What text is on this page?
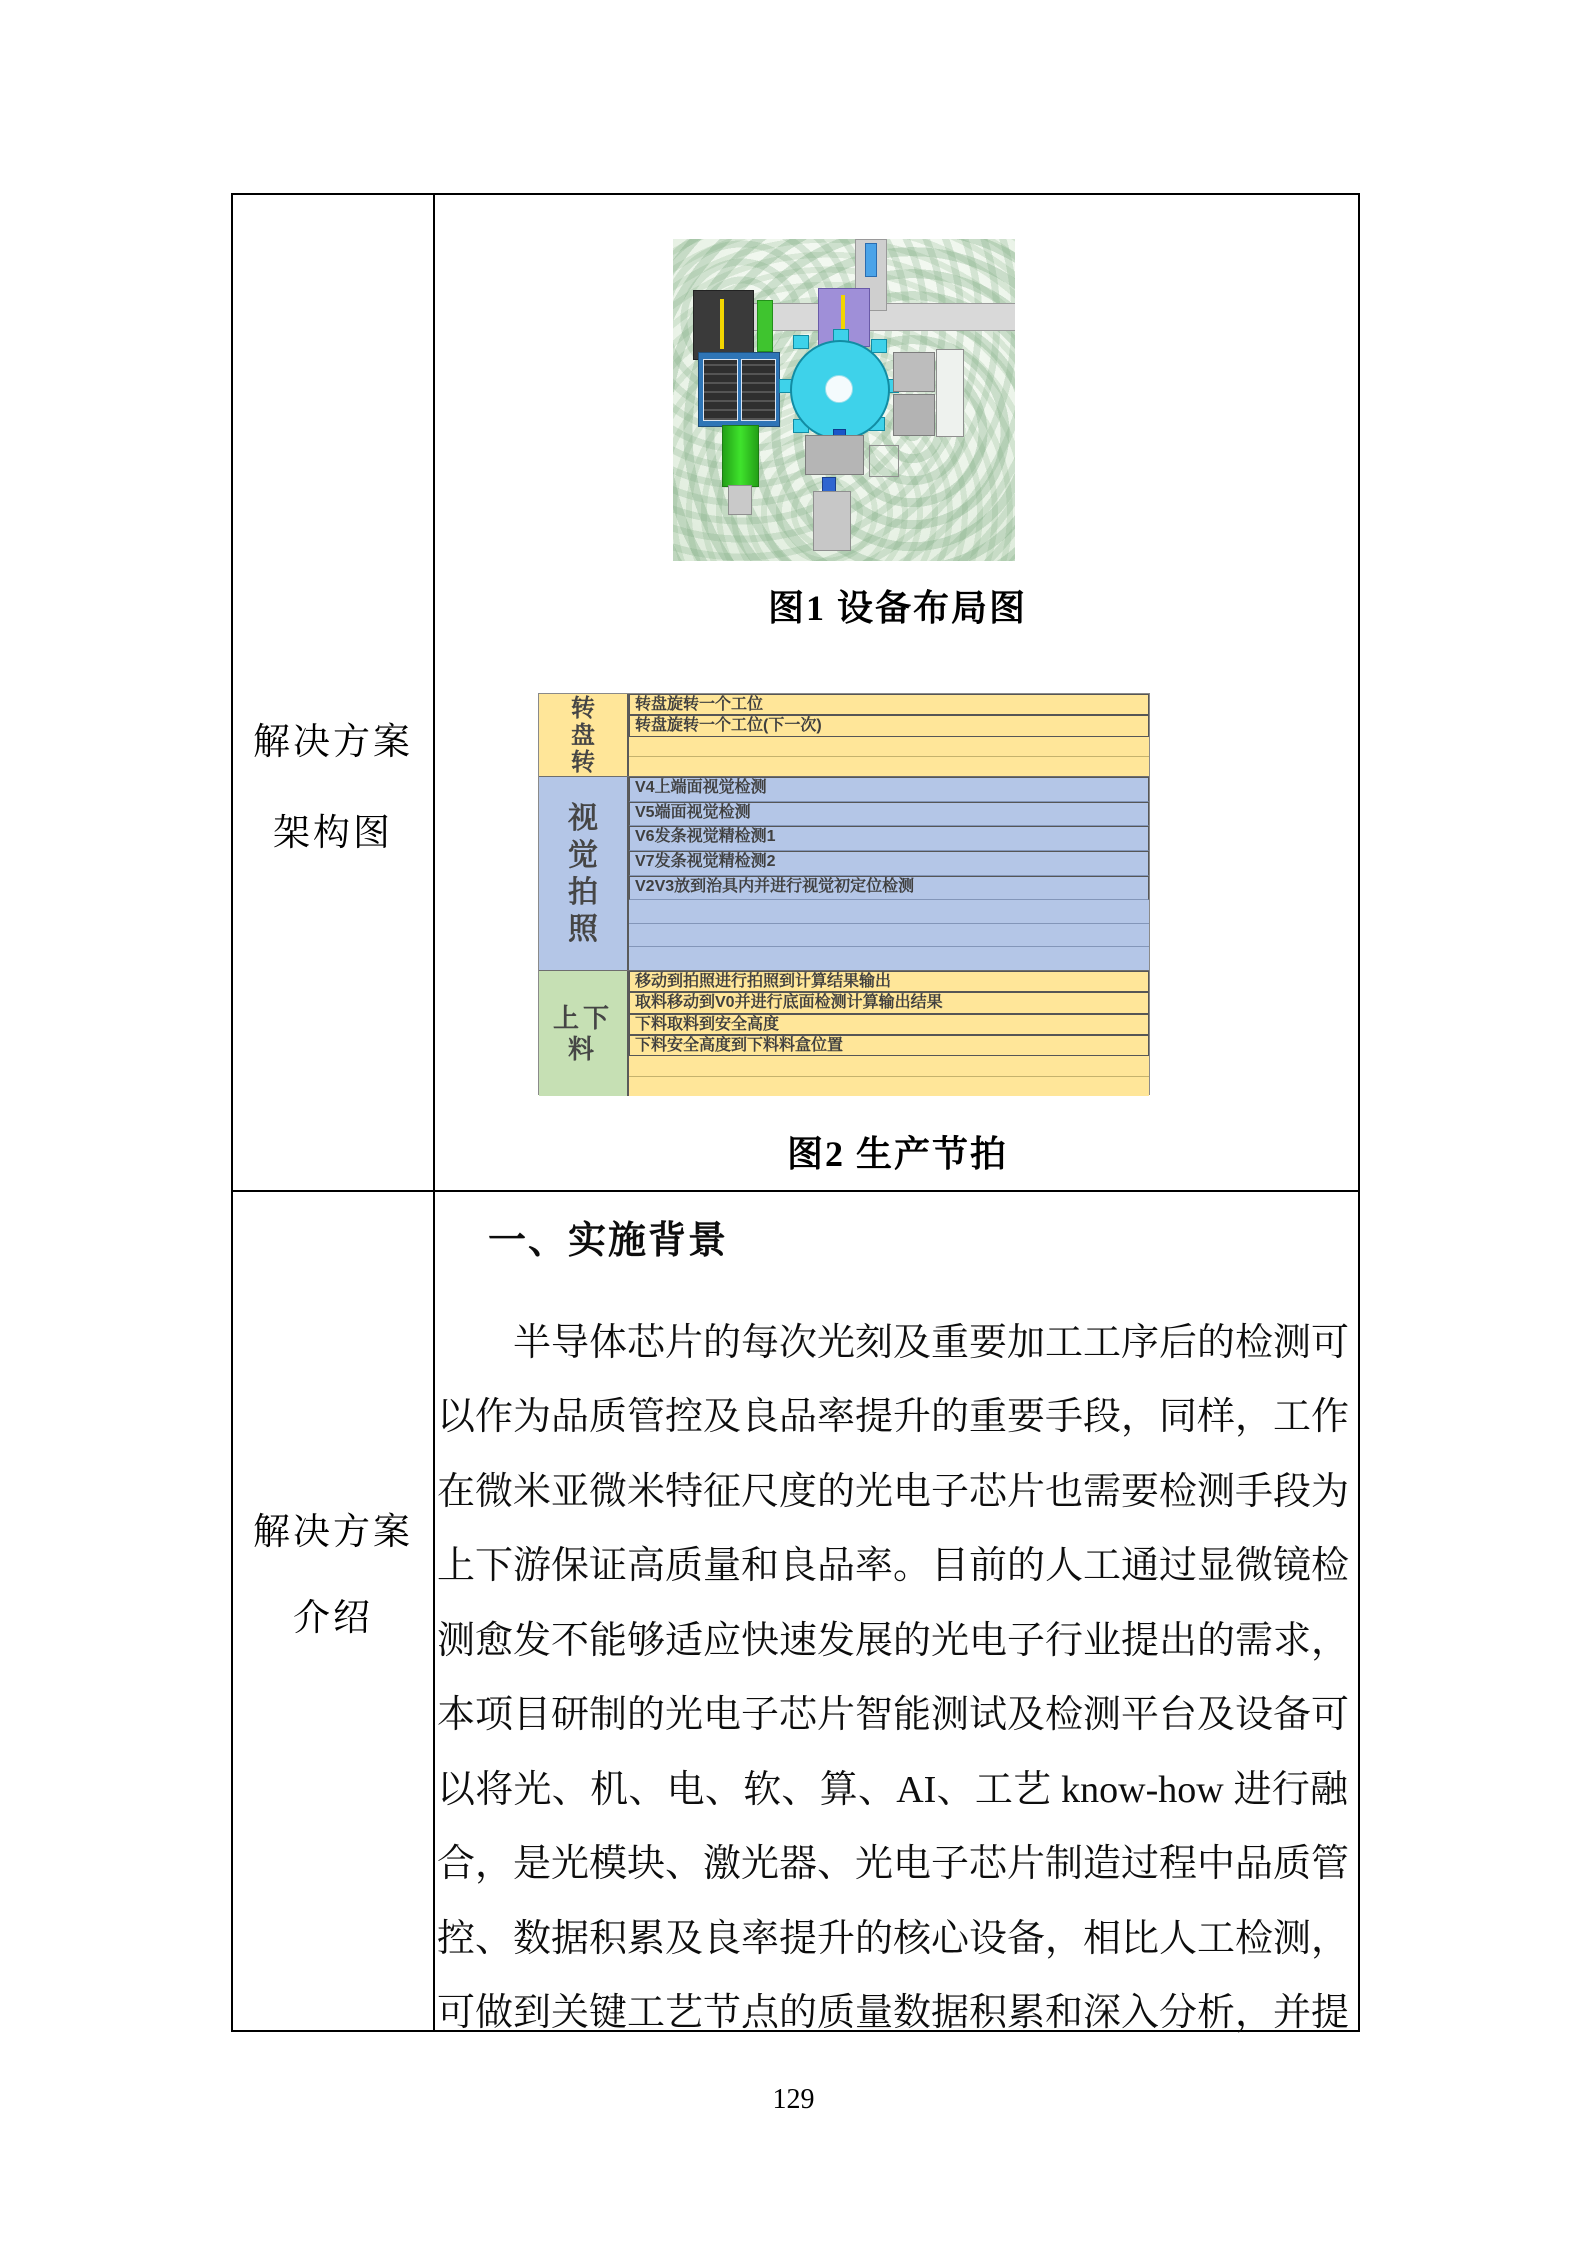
解决方案
架构图
解决方案
介绍
图1 设备布局图
转盘转
转盘旋转一个工位
转盘旋转一个工位(下一次)
视觉拍照
V4上端面视觉检测
V5端面视觉检测
V6发条视觉精检测1
V7发条视觉精检测2
V2V3放到治具内并进行视觉初定位检测
上下料
移动到拍照进行拍照到计算结果输出
取料移动到V0并进行底面检测计算输出结果
下料取料到安全高度
下料安全高度到下料料盒位置
图2 生产节拍
一、实施背景
半导体芯片的每次光刻及重要加工工序后的检测可
以作为品质管控及良品率提升的重要手段，同样，工作
在微米亚微米特征尺度的光电子芯片也需要检测手段为
上下游保证高质量和良品率。目前的人工通过显微镜检
测愈发不能够适应快速发展的光电子行业提出的需求，
本项目研制的光电子芯片智能测试及检测平台及设备可
以将光、机、电、软、算、AI、工艺 know-how 进行融
合，是光模块、激光器、光电子芯片制造过程中品质管
控、数据积累及良率提升的核心设备，相比人工检测，
可做到关键工艺节点的质量数据积累和深入分析，并提
129
